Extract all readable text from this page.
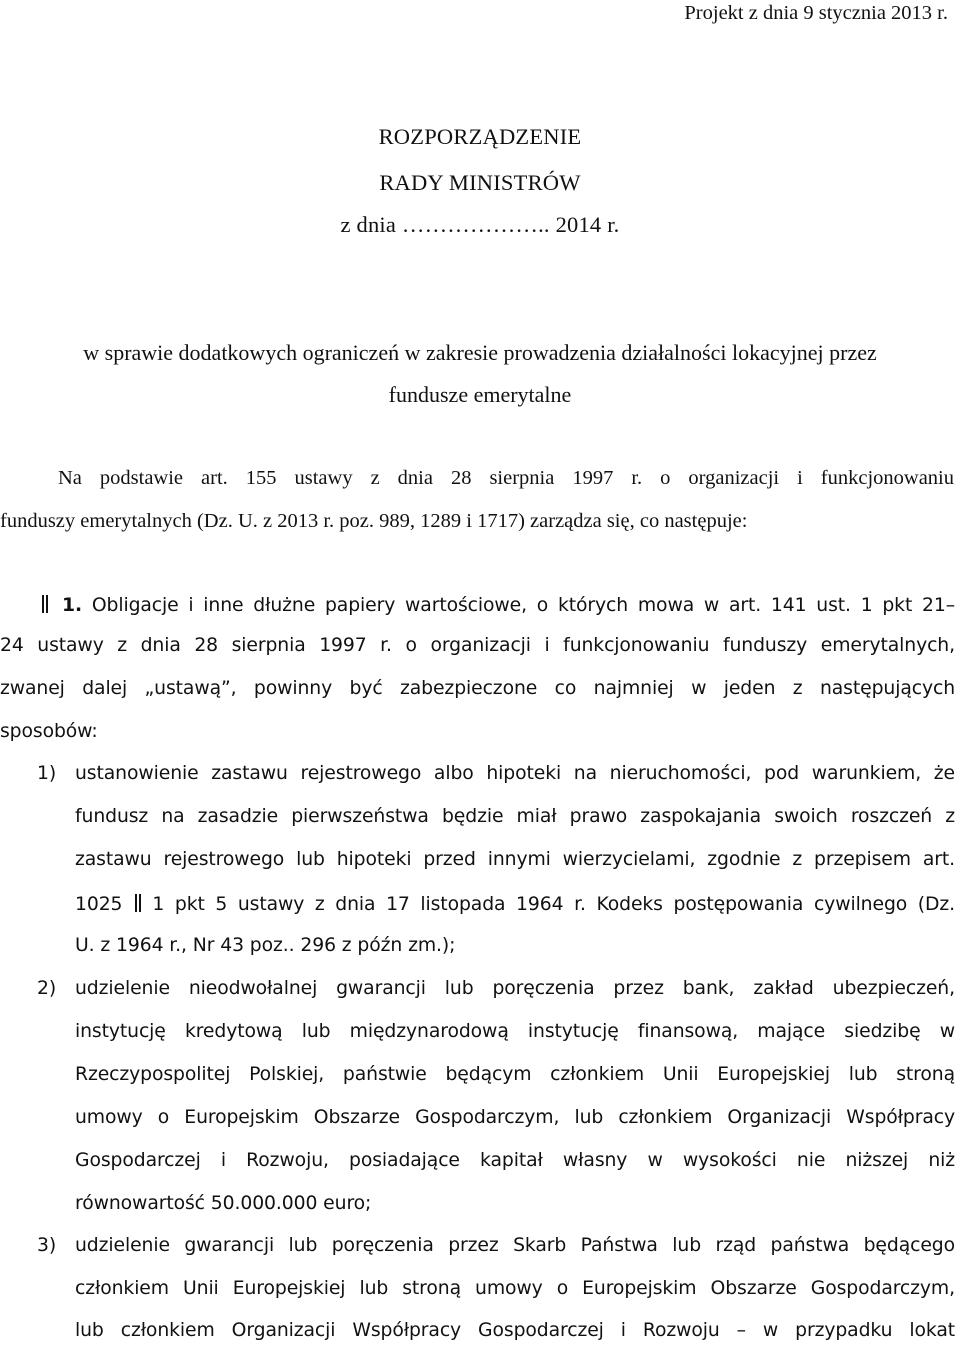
Projekt z dnia 9 stycznia 2013 r.
ROZPORZĄDZENIE
RADY MINISTRÓW
z dnia ……………….. 2014 r.
w sprawie dodatkowych ograniczeń w zakresie prowadzenia działalności lokacyjnej przez
fundusze emerytalne
Na podstawie art. 155 ustawy z dnia 28 sierpnia 1997 r. o organizacji i funkcjonowaniu
funduszy emerytalnych (Dz. U. z 2013 r. poz. 989, 1289 i 1717) zarządza się, co następuje:
1. Obligacje i inne dłużne papiery wartościowe, o których mowa w art. 141 ust. 1 pkt 21–
24 ustawy z dnia 28 sierpnia 1997 r. o organizacji i funkcjonowaniu funduszy emerytalnych,
zwanej dalej „ustawą”, powinny być zabezpieczone co najmniej w jeden z następujących
sposobów:
1) ustanowienie zastawu rejestrowego albo hipoteki na nieruchomości, pod warunkiem, że
fundusz na zasadzie pierwszeństwa będzie miał prawo zaspokajania swoich roszczeń z
zastawu rejestrowego lub hipoteki przed innymi wierzycielami, zgodnie z przepisem art.
1025 1 pkt 5 ustawy z dnia 17 listopada 1964 r. Kodeks postępowania cywilnego (Dz.
U. z 1964 r., Nr 43 poz.. 296 z późn zm.);
2) udzielenie nieodwołalnej gwarancji lub poręczenia przez bank, zakład ubezpieczeń,
instytucję kredytową lub międzynarodową instytucję finansową, mające siedzibę w
Rzeczypospolitej Polskiej, państwie będącym członkiem Unii Europejskiej lub stroną
umowy o Europejskim Obszarze Gospodarczym, lub członkiem Organizacji Współpracy
Gospodarczej i Rozwoju, posiadające kapitał własny w wysokości nie niższej niż
równowartość 50.000.000 euro;
3) udzielenie gwarancji lub poręczenia przez Skarb Państwa lub rząd państwa będącego
członkiem Unii Europejskiej lub stroną umowy o Europejskim Obszarze Gospodarczym,
lub członkiem Organizacji Współpracy Gospodarczej i Rozwoju – w przypadku lokat
